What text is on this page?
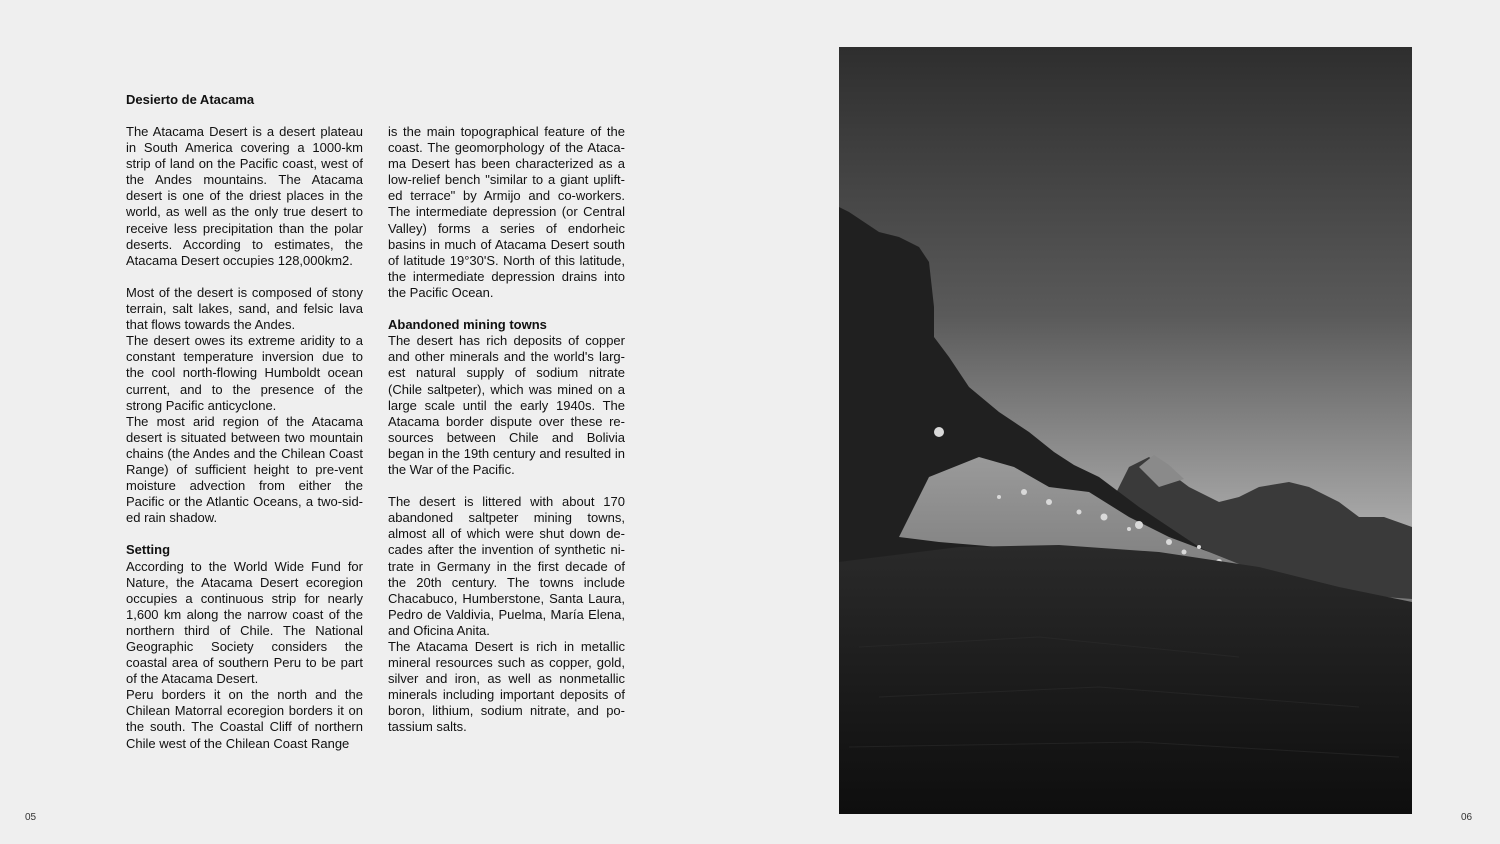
Desierto de Atacama

The Atacama Desert is a desert plateau in South America covering a 1000-km strip of land on the Pacific coast, west of the Andes mountains. The Atacama desert is one of the driest places in the world, as well as the only true desert to receive less precipitation than the polar deserts. According to estimates, the Atacama Desert occupies 128,000km2.

Most of the desert is composed of stony terrain, salt lakes, sand, and felsic lava that flows towards the Andes.

The desert owes its extreme aridity to a constant temperature inversion due to the cool north-flowing Humboldt ocean current, and to the presence of the strong Pacific anticyclone.

The most arid region of the Atacama desert is situated between two mountain chains (the Andes and the Chilean Coast Range) of sufficient height to pre-vent moisture advection from either the Pacific or the Atlantic Oceans, a two-sid-ed rain shadow.

Setting

According to the World Wide Fund for Nature, the Atacama Desert ecoregion occupies a continuous strip for nearly 1,600 km along the narrow coast of the northern third of Chile. The National Geographic Society considers the coastal area of southern Peru to be part of the Atacama Desert.

Peru borders it on the north and the Chilean Matorral ecoregion borders it on the south. The Coastal Cliff of northern Chile west of the Chilean Coast Range

is the main topographical feature of the coast. The geomorphology of the Ataca-ma Desert has been characterized as a low-relief bench "similar to a giant uplift-ed terrace" by Armijo and co-workers. The intermediate depression (or Central Valley) forms a series of endorheic basins in much of Atacama Desert south of latitude 19°30'S. North of this latitude, the intermediate depression drains into the Pacific Ocean.

Abandoned mining towns

The desert has rich deposits of copper and other minerals and the world's larg-est natural supply of sodium nitrate (Chile saltpeter), which was mined on a large scale until the early 1940s. The Atacama border dispute over these re-sources between Chile and Bolivia began in the 19th century and resulted in the War of the Pacific.

The desert is littered with about 170 abandoned saltpeter mining towns, almost all of which were shut down de-cades after the invention of synthetic ni-trate in Germany in the first decade of the 20th century. The towns include Chacabuco, Humberstone, Santa Laura, Pedro de Valdivia, Puelma, María Elena, and Oficina Anita.

The Atacama Desert is rich in metallic mineral resources such as copper, gold, silver and iron, as well as nonmetallic minerals including important deposits of boron, lithium, sodium nitrate, and po-tassium salts.

05	06
